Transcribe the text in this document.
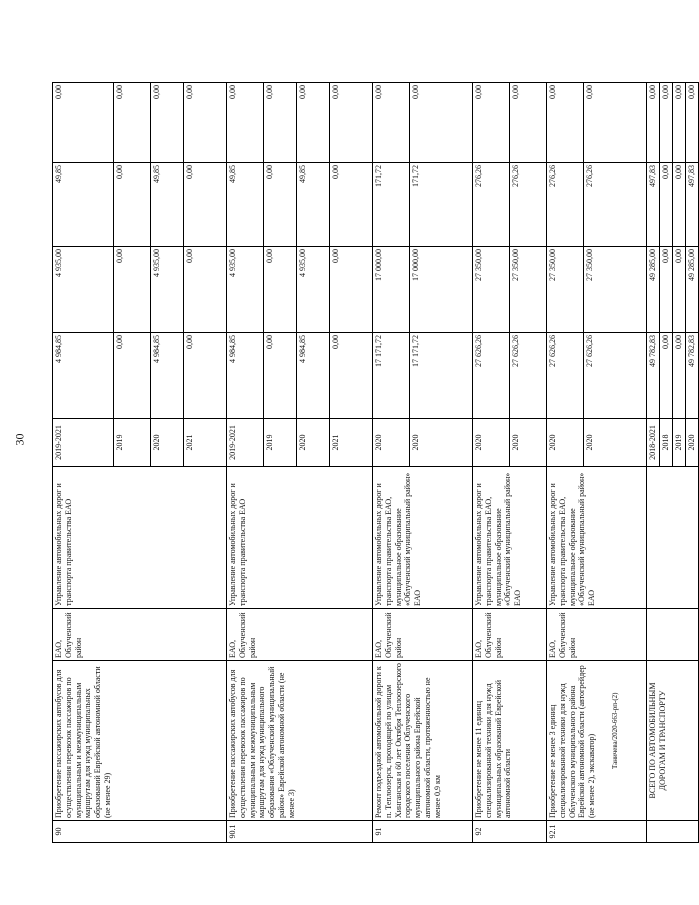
30
Таничева/2020-663-рп-(2)
90	Приобретение пассажирских автобусов для осуществления перевозок пассажиров по муниципальным и межмуниципальным маршрутам для нужд муниципальных образований Еврейской автономной области (не менее 29)	ЕАО, Облученский район	Управление автомобильных дорог и транспорта правительства ЕАО	2019-2021	4 984,85	4 935,00	49,85	0,00
				2019	0,00	0,00	0,00	0,00
				2020	4 984,85	4 935,00	49,85	0,00
				2021	0,00	0,00	0,00	0,00
90.1	Приобретение пассажирских автобусов для осуществления перевозок пассажиров по муниципальным и межмуниципальным маршрутам для нужд муниципального образования «Облученский муниципальный район» Еврейской автономной области (не менее 3)	ЕАО, Облученский район	Управление автомобильных дорог и транспорта правительства ЕАО	2019-2021	4 984,85	4 935,00	49,85	0,00
				2019	0,00	0,00	0,00	0,00
				2020	4 984,85	4 935,00	49,85	0,00
				2021	0,00	0,00	0,00	0,00
91	Ремонт подъездной автомобильной дороги к п. Теплоозерск, проходящей по улицам Хинганская и 60 лет Октября Теплоозерского городского поселения Облученского муниципального района Еврейской автономной области, протяженностью не менее 0,9 км	ЕАО, Облученский район	Управление автомобильных дорог и транспорта правительства ЕАО, муниципальное образование «Облученский муниципальный район» ЕАО	2020	17 171,72	17 000,00	171,72	0,00
				2020	17 171,72	17 000,00	171,72	0,00
92	Приобретение не менее 11 единиц специализированной техники для нужд муниципальных образований Еврейской автономной области	ЕАО, Облученский район	Управление автомобильных дорог и транспорта правительства ЕАО, муниципальное образование «Облученский муниципальный район» ЕАО	2020	27 626,26	27 350,00	276,26	0,00
				2020	27 626,26	27 350,00	276,26	0,00
92.1	Приобретение не менее 3 единиц специализированной техники для нужд Облученского муниципального района Еврейской автономной области (автогрейдер (не менее 2), экскаватор)	ЕАО, Облученский район	Управление автомобильных дорог и транспорта правительства ЕАО, муниципальное образование «Облученский муниципальный район» ЕАО	2020	27 626,26	27 350,00	276,26	0,00
				2020	27 626,26	27 350,00	276,26	0,00
	ВСЕГО ПО АВТОМОБИЛЬНЫМ ДОРОГАМ И ТРАНСПОРТУ			2018-2021	49 782,83	49 285,00	497,83	0,00
				2018	0,00	0,00	0,00	0,00
				2019	0,00	0,00	0,00	0,00
				2020	49 782,83	49 285,00	497,83	0,00
